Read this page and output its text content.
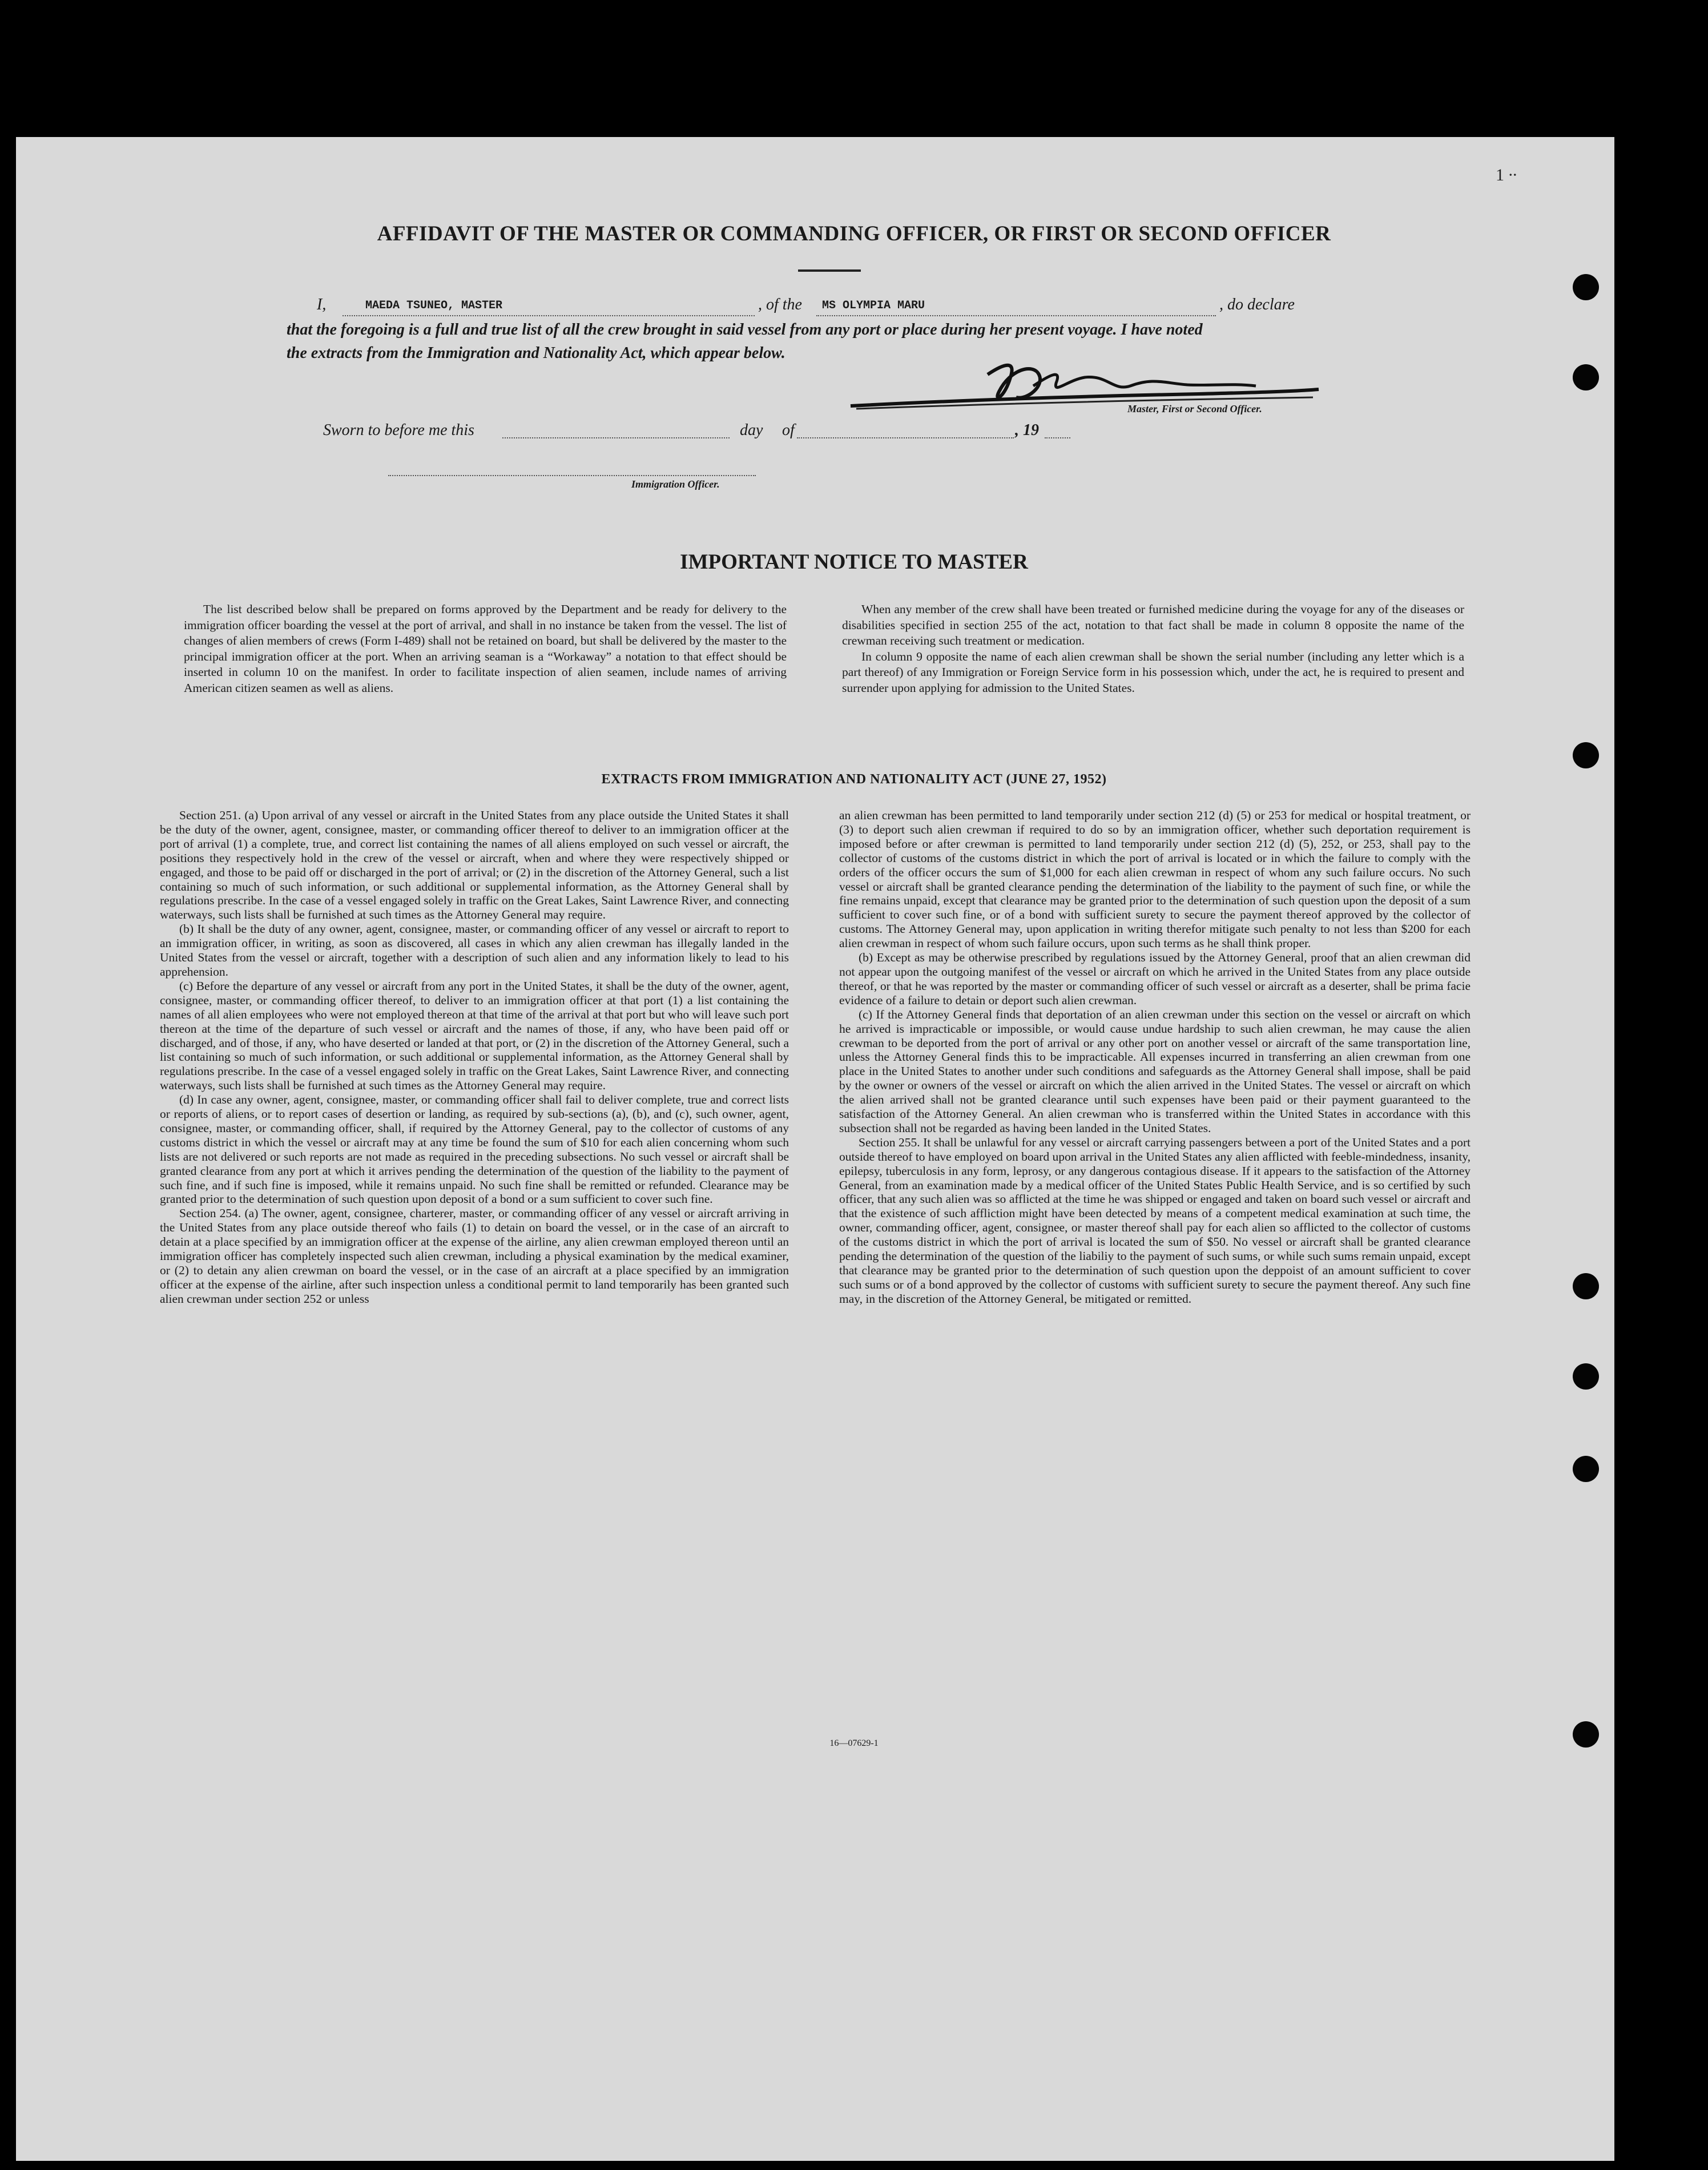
1 ∙∙
AFFIDAVIT OF THE MASTER OR COMMANDING OFFICER, OR FIRST OR SECOND OFFICER
I,	MAEDA TSUNEO, MASTER	, of the MS OLYMPIA MARU	, do declare
that the foregoing is a full and true list of all the crew brought in said vessel from any port or place during her present voyage. I have noted
the extracts from the Immigration and Nationality Act, which appear below.
Master, First or Second Officer.
Sworn to before me this	day of	, 19
Immigration Officer.
IMPORTANT NOTICE TO MASTER

The list described below shall be prepared on forms approved by the Department and be ready for delivery to the immigration officer boarding the vessel at the port of arrival, and shall in no instance be taken from the vessel. The list of changes of alien members of crews (Form I-489) shall not be retained on board, but shall be delivered by the master to the principal immigration officer at the port. When an arriving seaman is a “Workaway” a notation to that effect should be inserted in column 10 on the manifest. In order to facilitate inspection of alien seamen, include names of arriving American citizen seamen as well as aliens.

When any member of the crew shall have been treated or furnished medicine during the voyage for any of the diseases or disabilities specified in section 255 of the act, notation to that fact shall be made in column 8 opposite the name of the crewman receiving such treatment or medication.

In column 9 opposite the name of each alien crewman shall be shown the serial number (including any letter which is a part thereof) of any Immigration or Foreign Service form in his possession which, under the act, he is required to present and surrender upon applying for admission to the United States.

EXTRACTS FROM IMMIGRATION AND NATIONALITY ACT (JUNE 27, 1952)

Section 251. (a) Upon arrival of any vessel or aircraft in the United States from any place outside the United States it shall be the duty of the owner, agent, consignee, master, or commanding officer thereof to deliver to an immigration officer at the port of arrival (1) a complete, true, and correct list containing the names of all aliens employed on such vessel or aircraft, the positions they respectively hold in the crew of the vessel or aircraft, when and where they were respectively shipped or engaged, and those to be paid off or discharged in the port of arrival; or (2) in the discretion of the Attorney General, such a list containing so much of such information, or such additional or supplemental information, as the Attorney General shall by regulations prescribe. In the case of a vessel engaged solely in traffic on the Great Lakes, Saint Lawrence River, and connecting waterways, such lists shall be furnished at such times as the Attorney General may require.

(b) It shall be the duty of any owner, agent, consignee, master, or commanding officer of any vessel or aircraft to report to an immigration officer, in writing, as soon as discovered, all cases in which any alien crewman has illegally landed in the United States from the vessel or aircraft, together with a description of such alien and any information likely to lead to his apprehension.

(c) Before the departure of any vessel or aircraft from any port in the United States, it shall be the duty of the owner, agent, consignee, master, or commanding officer thereof, to deliver to an immigration officer at that port (1) a list containing the names of all alien employees who were not employed thereon at that time of the arrival at that port but who will leave such port thereon at the time of the departure of such vessel or aircraft and the names of those, if any, who have been paid off or discharged, and of those, if any, who have deserted or landed at that port, or (2) in the discretion of the Attorney General, such a list containing so much of such information, or such additional or supplemental information, as the Attorney General shall by regulations prescribe. In the case of a vessel engaged solely in traffic on the Great Lakes, Saint Lawrence River, and connecting waterways, such lists shall be furnished at such times as the Attorney General may require.

(d) In case any owner, agent, consignee, master, or commanding officer shall fail to deliver complete, true and correct lists or reports of aliens, or to report cases of desertion or landing, as required by sub-sections (a), (b), and (c), such owner, agent, consignee, master, or commanding officer, shall, if required by the Attorney General, pay to the collector of customs of any customs district in which the vessel or aircraft may at any time be found the sum of $10 for each alien concerning whom such lists are not delivered or such reports are not made as required in the preceding subsections. No such vessel or aircraft shall be granted clearance from any port at which it arrives pending the determination of the question of the liability to the payment of such fine, and if such fine is imposed, while it remains unpaid. No such fine shall be remitted or refunded. Clearance may be granted prior to the determination of such question upon deposit of a bond or a sum sufficient to cover such fine.

Section 254. (a) The owner, agent, consignee, charterer, master, or commanding officer of any vessel or aircraft arriving in the United States from any place outside thereof who fails (1) to detain on board the vessel, or in the case of an aircraft to detain at a place specified by an immigration officer at the expense of the airline, any alien crewman employed thereon until an immigration officer has completely inspected such alien crewman, including a physical examination by the medical examiner, or (2) to detain any alien crewman on board the vessel, or in the case of an aircraft at a place specified by an immigration officer at the expense of the airline, after such inspection unless a conditional permit to land temporarily has been granted such alien crewman under section 252 or unless

an alien crewman has been permitted to land temporarily under section 212 (d) (5) or 253 for medical or hospital treatment, or (3) to deport such alien crewman if required to do so by an immigration officer, whether such deportation requirement is imposed before or after crewman is permitted to land temporarily under section 212 (d) (5), 252, or 253, shall pay to the collector of customs of the customs district in which the port of arrival is located or in which the failure to comply with the orders of the officer occurs the sum of $1,000 for each alien crewman in respect of whom any such failure occurs. No such vessel or aircraft shall be granted clearance pending the determination of the liability to the payment of such fine, or while the fine remains unpaid, except that clearance may be granted prior to the determination of such question upon the deposit of a sum sufficient to cover such fine, or of a bond with sufficient surety to secure the payment thereof approved by the collector of customs. The Attorney General may, upon application in writing therefor mitigate such penalty to not less than $200 for each alien crewman in respect of whom such failure occurs, upon such terms as he shall think proper.

(b) Except as may be otherwise prescribed by regulations issued by the Attorney General, proof that an alien crewman did not appear upon the outgoing manifest of the vessel or aircraft on which he arrived in the United States from any place outside thereof, or that he was reported by the master or commanding officer of such vessel or aircraft as a deserter, shall be prima facie evidence of a failure to detain or deport such alien crewman.

(c) If the Attorney General finds that deportation of an alien crewman under this section on the vessel or aircraft on which he arrived is impracticable or impossible, or would cause undue hardship to such alien crewman, he may cause the alien crewman to be deported from the port of arrival or any other port on another vessel or aircraft of the same transportation line, unless the Attorney General finds this to be impracticable. All expenses incurred in transferring an alien crewman from one place in the United States to another under such conditions and safeguards as the Attorney General shall impose, shall be paid by the owner or owners of the vessel or aircraft on which the alien arrived in the United States. The vessel or aircraft on which the alien arrived shall not be granted clearance until such expenses have been paid or their payment guaranteed to the satisfaction of the Attorney General. An alien crewman who is transferred within the United States in accordance with this subsection shall not be regarded as having been landed in the United States.

Section 255. It shall be unlawful for any vessel or aircraft carrying passengers between a port of the United States and a port outside thereof to have employed on board upon arrival in the United States any alien afflicted with feeble-mindedness, insanity, epilepsy, tuberculosis in any form, leprosy, or any dangerous contagious disease. If it appears to the satisfaction of the Attorney General, from an examination made by a medical officer of the United States Public Health Service, and is so certified by such officer, that any such alien was so afflicted at the time he was shipped or engaged and taken on board such vessel or aircraft and that the existence of such affliction might have been detected by means of a competent medical examination at such time, the owner, commanding officer, agent, consignee, or master thereof shall pay for each alien so afflicted to the collector of customs of the customs district in which the port of arrival is located the sum of $50. No vessel or aircraft shall be granted clearance pending the determination of the question of the liabiliy to the payment of such sums, or while such sums remain unpaid, except that clearance may be granted prior to the determination of such question upon the deppoist of an amount sufficient to cover such sums or of a bond approved by the collector of customs with sufficient surety to secure the payment thereof. Any such fine may, in the discretion of the Attorney General, be mitigated or remitted.

16—07629-1
